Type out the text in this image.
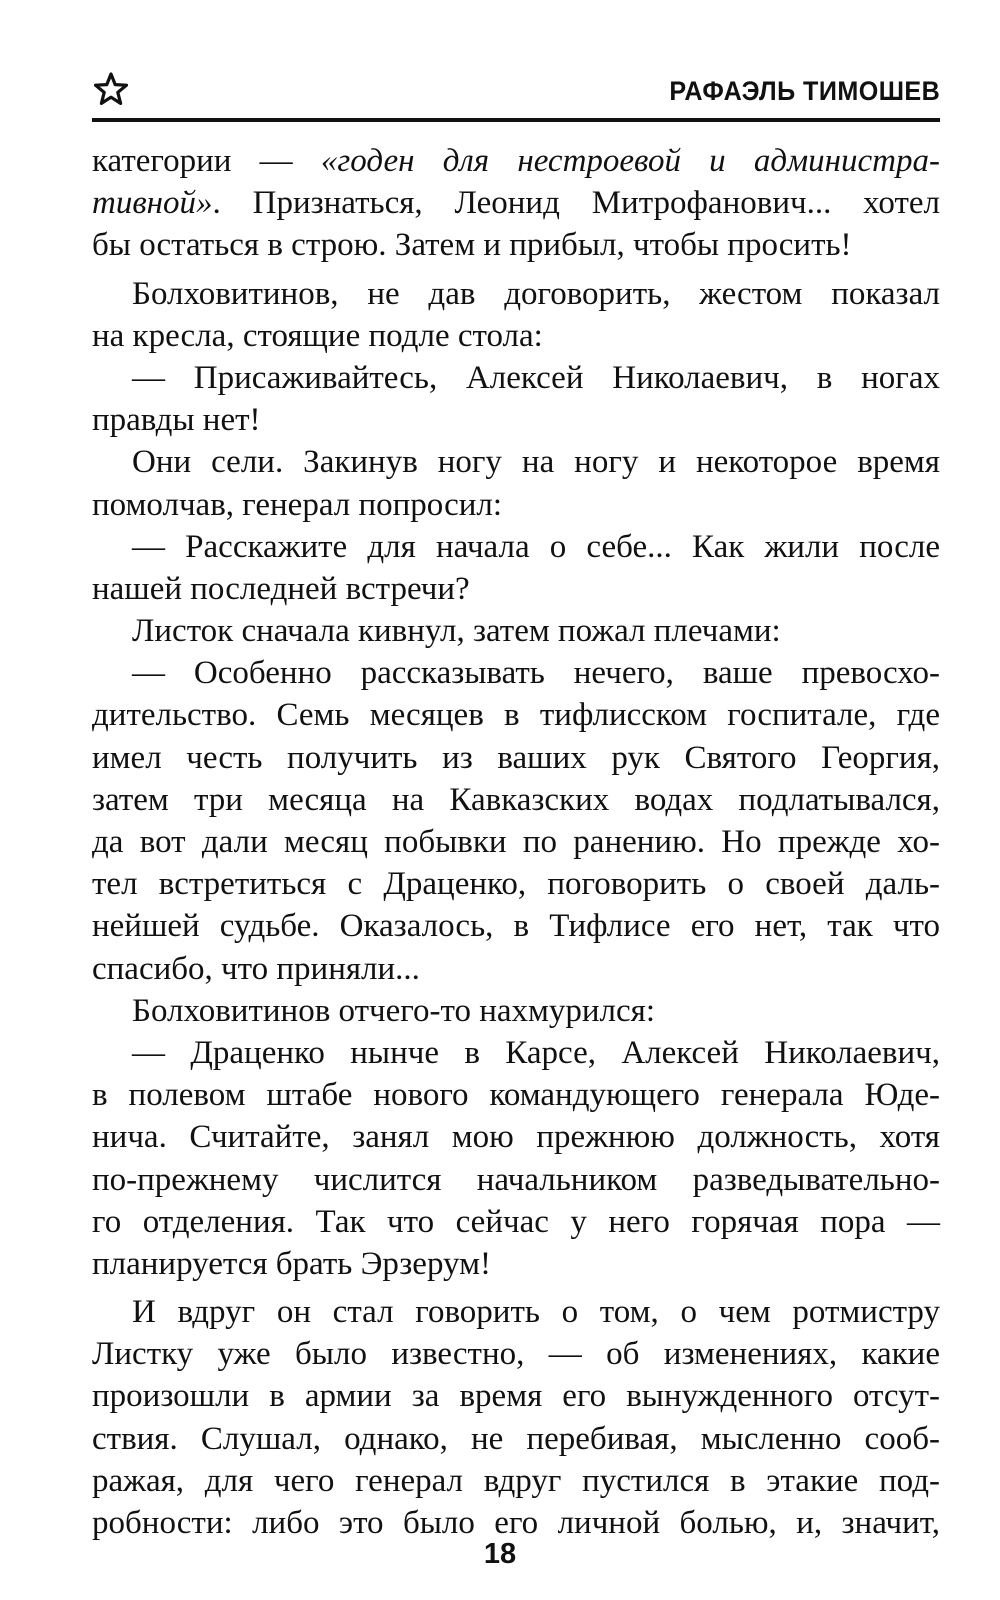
РАФАЭЛЬ ТИМОШЕВ
категории — «годен для нестроевой и администра-
тивной». Признаться, Леонид Митрофанович... хотел
бы остаться в строю. Затем и прибыл, чтобы просить!
Болховитинов, не дав договорить, жестом показал
на кресла, стоящие подле стола:
— Присаживайтесь, Алексей Николаевич, в ногах
правды нет!
Они сели. Закинув ногу на ногу и некоторое время
помолчав, генерал попросил:
— Расскажите для начала о себе... Как жили после
нашей последней встречи?
Листок сначала кивнул, затем пожал плечами:
— Особенно рассказывать нечего, ваше превосхо-
дительство. Семь месяцев в тифлисском госпитале, где
имел честь получить из ваших рук Святого Георгия,
затем три месяца на Кавказских водах подлатывался,
да вот дали месяц побывки по ранению. Но прежде хо-
тел встретиться с Драценко, поговорить о своей даль-
нейшей судьбе. Оказалось, в Тифлисе его нет, так что
спасибо, что приняли...
Болховитинов отчего-то нахмурился:
— Драценко нынче в Карсе, Алексей Николаевич,
в полевом штабе нового командующего генерала Юде-
нича. Считайте, занял мою прежнюю должность, хотя
по-прежнему числится начальником разведывательно-
го отделения. Так что сейчас у него горячая пора —
планируется брать Эрзерум!
И вдруг он стал говорить о том, о чем ротмистру
Листку уже было известно, — об изменениях, какие
произошли в армии за время его вынужденного отсут-
ствия. Слушал, однако, не перебивая, мысленно сооб-
ражая, для чего генерал вдруг пустился в этакие под-
робности: либо это было его личной болью, и, значит,
18
